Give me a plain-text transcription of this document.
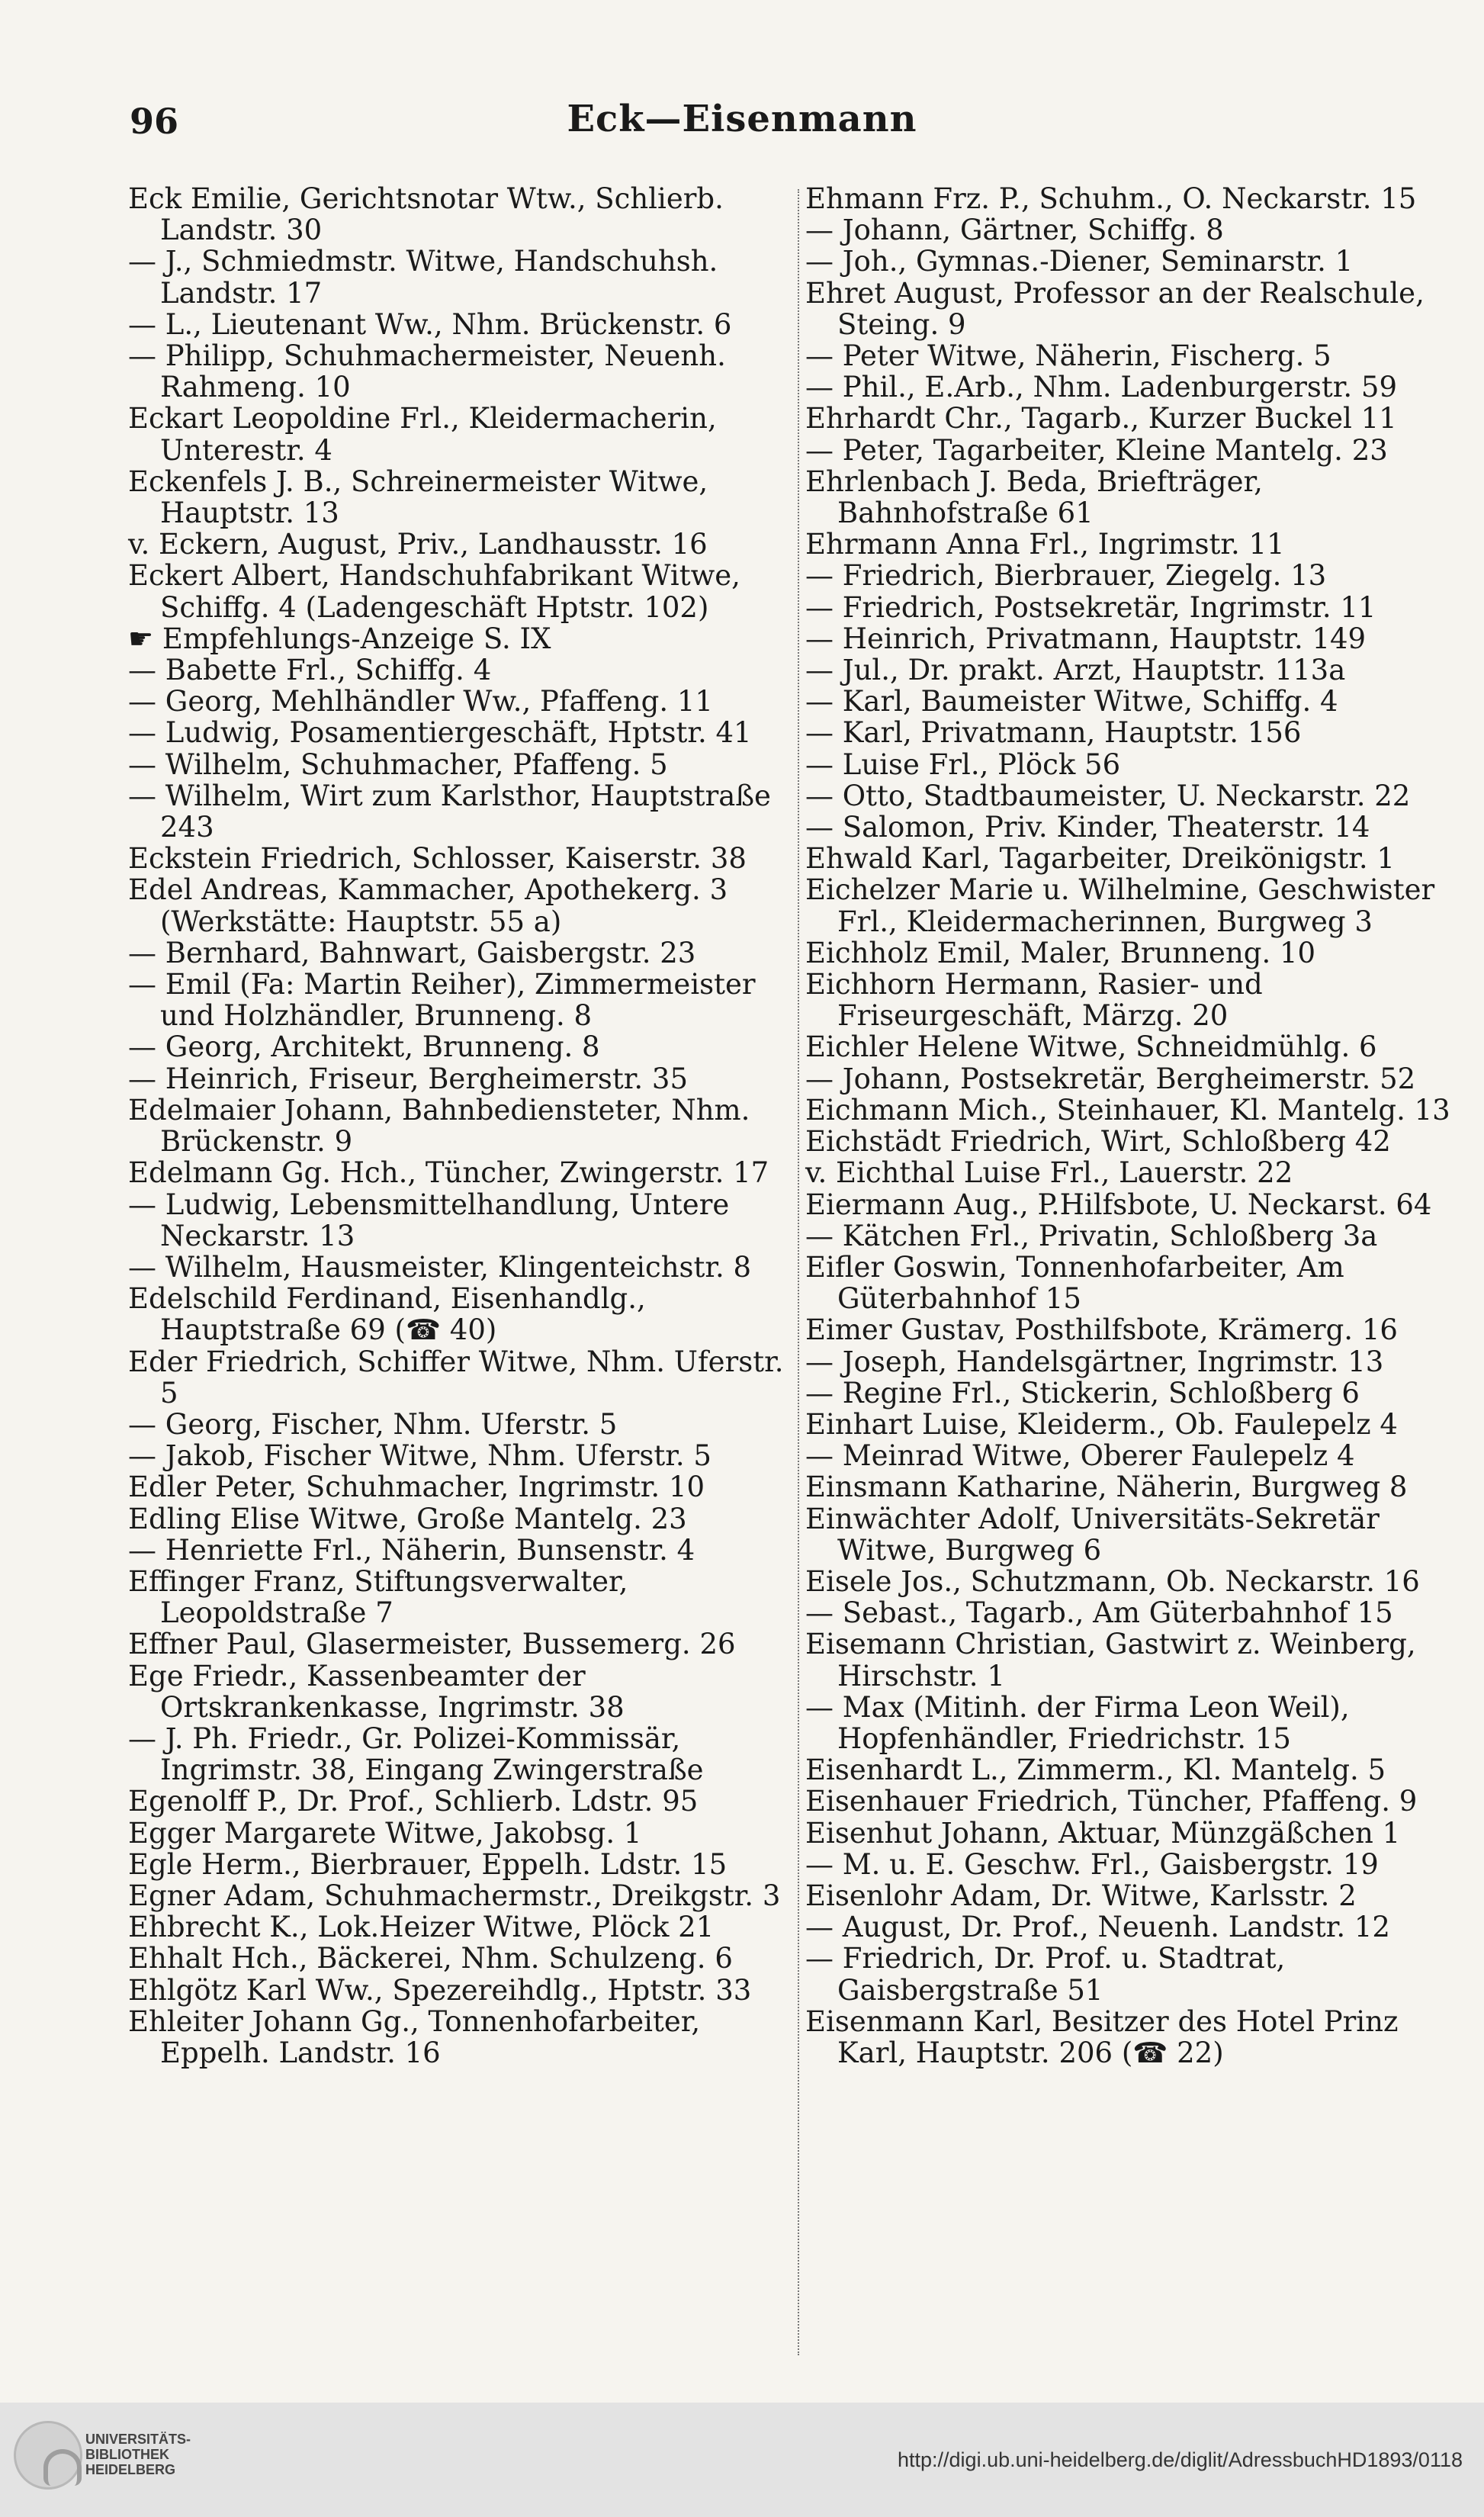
96	Eck—Eisenmann

Eck Emilie, Gerichtsnotar Wtw., Schlierb. Landstr. 30

— J., Schmiedmstr. Witwe, Handschuhsh. Landstr. 17

— L., Lieutenant Ww., Nhm. Brückenstr. 6

— Philipp, Schuhmachermeister, Neuenh. Rahmeng. 10

Eckart Leopoldine Frl., Kleidermacherin, Unterestr. 4

Eckenfels J. B., Schreinermeister Witwe, Hauptstr. 13

v. Eckern, August, Priv., Landhausstr. 16

Eckert Albert, Handschuhfabrikant Witwe, Schiffg. 4 (Ladengeschäft Hptstr. 102)

☛ Empfehlungs-Anzeige S. IX

— Babette Frl., Schiffg. 4

— Georg, Mehlhändler Ww., Pfaffeng. 11

— Ludwig, Posamentiergeschäft, Hptstr. 41

— Wilhelm, Schuhmacher, Pfaffeng. 5

— Wilhelm, Wirt zum Karlsthor, Hauptstraße 243

Eckstein Friedrich, Schlosser, Kaiserstr. 38

Edel Andreas, Kammacher, Apothekerg. 3 (Werkstätte: Hauptstr. 55 a)

— Bernhard, Bahnwart, Gaisbergstr. 23

— Emil (Fa: Martin Reiher), Zimmermeister und Holzhändler, Brunneng. 8

— Georg, Architekt, Brunneng. 8

— Heinrich, Friseur, Bergheimerstr. 35

Edelmaier Johann, Bahnbediensteter, Nhm. Brückenstr. 9

Edelmann Gg. Hch., Tüncher, Zwingerstr. 17

— Ludwig, Lebensmittelhandlung, Untere Neckarstr. 13

— Wilhelm, Hausmeister, Klingenteichstr. 8

Edelschild Ferdinand, Eisenhandlg., Hauptstraße 69 (☎ 40)

Eder Friedrich, Schiffer Witwe, Nhm. Uferstr. 5

— Georg, Fischer, Nhm. Uferstr. 5

— Jakob, Fischer Witwe, Nhm. Uferstr. 5

Edler Peter, Schuhmacher, Ingrimstr. 10

Edling Elise Witwe, Große Mantelg. 23

— Henriette Frl., Näherin, Bunsenstr. 4

Effinger Franz, Stiftungsverwalter, Leopoldstraße 7

Effner Paul, Glasermeister, Bussemerg. 26

Ege Friedr., Kassenbeamter der Ortskrankenkasse, Ingrimstr. 38

— J. Ph. Friedr., Gr. Polizei-Kommissär, Ingrimstr. 38, Eingang Zwingerstraße

Egenolff P., Dr. Prof., Schlierb. Ldstr. 95

Egger Margarete Witwe, Jakobsg. 1

Egle Herm., Bierbrauer, Eppelh. Ldstr. 15

Egner Adam, Schuhmachermstr., Dreikgstr. 3

Ehbrecht K., Lok.Heizer Witwe, Plöck 21

Ehhalt Hch., Bäckerei, Nhm. Schulzeng. 6

Ehlgötz Karl Ww., Spezereihdlg., Hptstr. 33

Ehleiter Johann Gg., Tonnenhofarbeiter, Eppelh. Landstr. 16

Ehmann Frz. P., Schuhm., O. Neckarstr. 15

— Johann, Gärtner, Schiffg. 8

— Joh., Gymnas.-Diener, Seminarstr. 1

Ehret August, Professor an der Realschule, Steing. 9

— Peter Witwe, Näherin, Fischerg. 5

— Phil., E.Arb., Nhm. Ladenburgerstr. 59

Ehrhardt Chr., Tagarb., Kurzer Buckel 11

— Peter, Tagarbeiter, Kleine Mantelg. 23

Ehrlenbach J. Beda, Briefträger, Bahnhofstraße 61

Ehrmann Anna Frl., Ingrimstr. 11

— Friedrich, Bierbrauer, Ziegelg. 13

— Friedrich, Postsekretär, Ingrimstr. 11

— Heinrich, Privatmann, Hauptstr. 149

— Jul., Dr. prakt. Arzt, Hauptstr. 113a

— Karl, Baumeister Witwe, Schiffg. 4

— Karl, Privatmann, Hauptstr. 156

— Luise Frl., Plöck 56

— Otto, Stadtbaumeister, U. Neckarstr. 22

— Salomon, Priv. Kinder, Theaterstr. 14

Ehwald Karl, Tagarbeiter, Dreikönigstr. 1

Eichelzer Marie u. Wilhelmine, Geschwister Frl., Kleidermacherinnen, Burgweg 3

Eichholz Emil, Maler, Brunneng. 10

Eichhorn Hermann, Rasier- und Friseurgeschäft, Märzg. 20

Eichler Helene Witwe, Schneidmühlg. 6

— Johann, Postsekretär, Bergheimerstr. 52

Eichmann Mich., Steinhauer, Kl. Mantelg. 13

Eichstädt Friedrich, Wirt, Schloßberg 42

v. Eichthal Luise Frl., Lauerstr. 22

Eiermann Aug., P.Hilfsbote, U. Neckarst. 64

— Kätchen Frl., Privatin, Schloßberg 3a

Eifler Goswin, Tonnenhofarbeiter, Am Güterbahnhof 15

Eimer Gustav, Posthilfsbote, Krämerg. 16

— Joseph, Handelsgärtner, Ingrimstr. 13

— Regine Frl., Stickerin, Schloßberg 6

Einhart Luise, Kleiderm., Ob. Faulepelz 4

— Meinrad Witwe, Oberer Faulepelz 4

Einsmann Katharine, Näherin, Burgweg 8

Einwächter Adolf, Universitäts-Sekretär Witwe, Burgweg 6

Eisele Jos., Schutzmann, Ob. Neckarstr. 16

— Sebast., Tagarb., Am Güterbahnhof 15

Eisemann Christian, Gastwirt z. Weinberg, Hirschstr. 1

— Max (Mitinh. der Firma Leon Weil), Hopfenhändler, Friedrichstr. 15

Eisenhardt L., Zimmerm., Kl. Mantelg. 5

Eisenhauer Friedrich, Tüncher, Pfaffeng. 9

Eisenhut Johann, Aktuar, Münzgäßchen 1

— M. u. E. Geschw. Frl., Gaisbergstr. 19

Eisenlohr Adam, Dr. Witwe, Karlsstr. 2

— August, Dr. Prof., Neuenh. Landstr. 12

— Friedrich, Dr. Prof. u. Stadtrat, Gaisbergstraße 51

Eisenmann Karl, Besitzer des Hotel Prinz Karl, Hauptstr. 206 (☎ 22)

UNIVERSITÄTS-
BIBLIOTHEK
HEIDELBERG	http://digi.ub.uni-heidelberg.de/diglit/AdressbuchHD1893/0118
